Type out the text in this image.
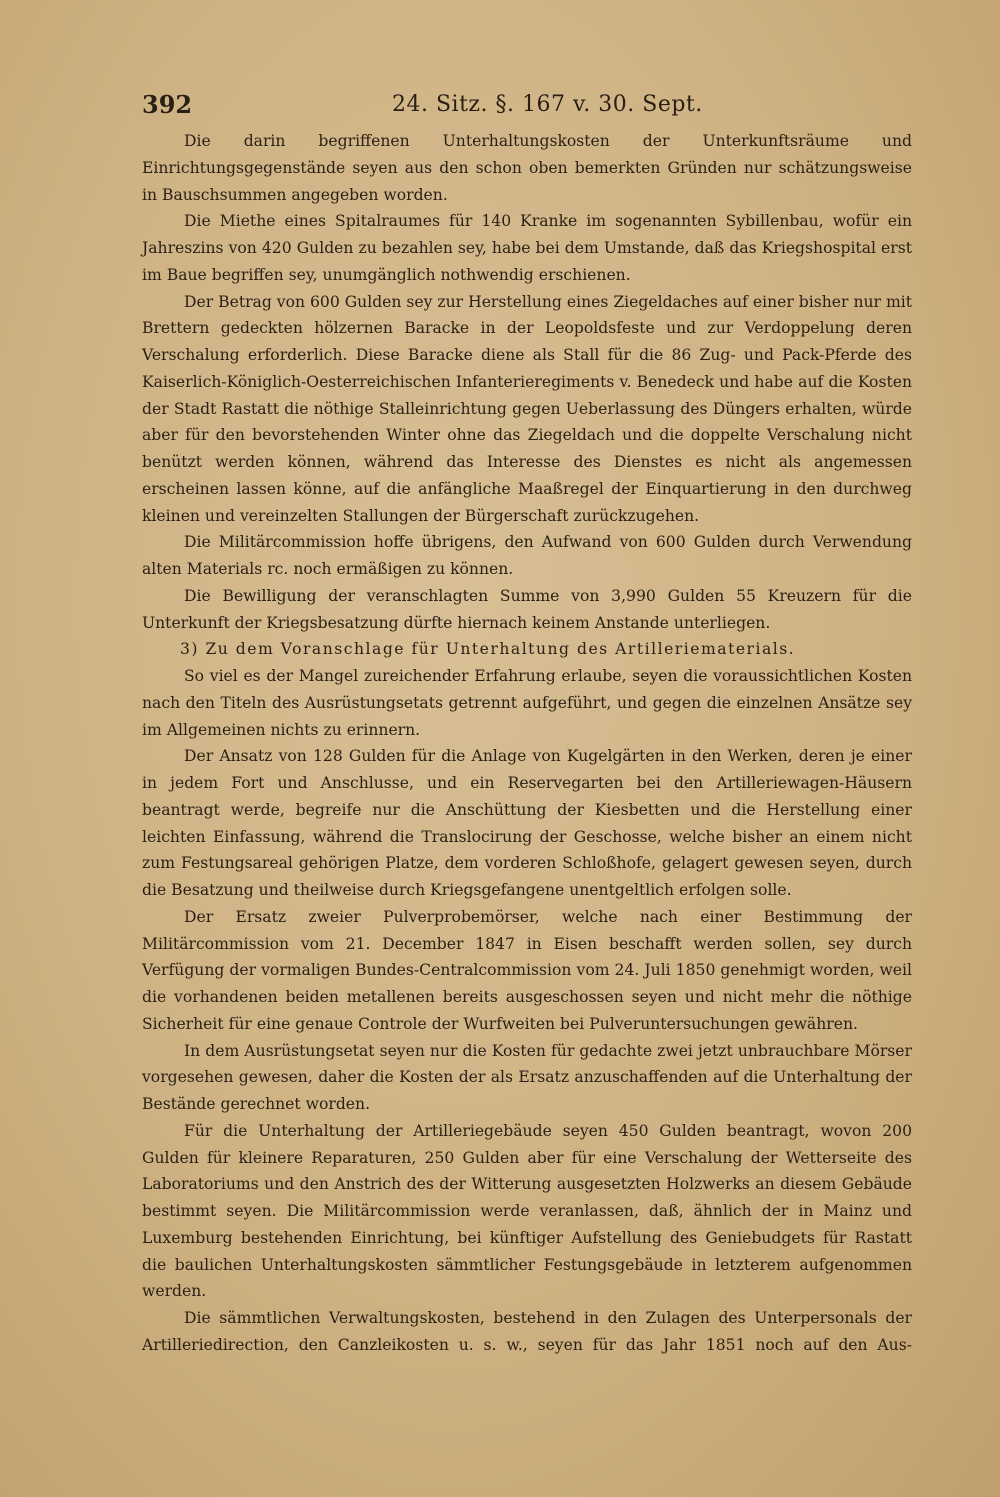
392	24. Sitz. §. 167 v. 30. Sept.

Die darin begriffenen Unterhaltungskosten der Unterkunftsräume und Einrichtungsgegenstände seyen aus den schon oben bemerkten Gründen nur schätzungsweise in Bauschsummen angegeben worden.

Die Miethe eines Spitalraumes für 140 Kranke im sogenannten Sybillenbau, wofür ein Jahreszins von 420 Gulden zu bezahlen sey, habe bei dem Umstande, daß das Kriegshospital erst im Baue begriffen sey, unumgänglich nothwendig erschienen.

Der Betrag von 600 Gulden sey zur Herstellung eines Ziegeldaches auf einer bisher nur mit Brettern gedeckten hölzernen Baracke in der Leopoldsfeste und zur Verdoppelung deren Verschalung erforderlich. Diese Baracke diene als Stall für die 86 Zug- und Pack-Pferde des Kaiserlich-Königlich-Oesterreichischen Infanterieregiments v. Benedeck und habe auf die Kosten der Stadt Rastatt die nöthige Stalleinrichtung gegen Ueberlassung des Düngers erhalten, würde aber für den bevorstehenden Winter ohne das Ziegeldach und die doppelte Verschalung nicht benützt werden können, während das Interesse des Dienstes es nicht als angemessen erscheinen lassen könne, auf die anfängliche Maaßregel der Einquartierung in den durchweg kleinen und vereinzelten Stallungen der Bürgerschaft zurückzugehen.

Die Militärcommission hoffe übrigens, den Aufwand von 600 Gulden durch Verwendung alten Materials rc. noch ermäßigen zu können.

Die Bewilligung der veranschlagten Summe von 3,990 Gulden 55 Kreuzern für die Unterkunft der Kriegsbesatzung dürfte hiernach keinem Anstande unterliegen.

3) Zu dem Voranschlage für Unterhaltung des Artilleriematerials.

So viel es der Mangel zureichender Erfahrung erlaube, seyen die voraussichtlichen Kosten nach den Titeln des Ausrüstungsetats getrennt aufgeführt, und gegen die einzelnen Ansätze sey im Allgemeinen nichts zu erinnern.

Der Ansatz von 128 Gulden für die Anlage von Kugelgärten in den Werken, deren je einer in jedem Fort und Anschlusse, und ein Reservegarten bei den Artilleriewagen-Häusern beantragt werde, begreife nur die Anschüttung der Kiesbetten und die Herstellung einer leichten Einfassung, während die Translocirung der Geschosse, welche bisher an einem nicht zum Festungsareal gehörigen Platze, dem vorderen Schloßhofe, gelagert gewesen seyen, durch die Besatzung und theilweise durch Kriegsgefangene unentgeltlich erfolgen solle.

Der Ersatz zweier Pulverprobemörser, welche nach einer Bestimmung der Militärcommission vom 21. December 1847 in Eisen beschafft werden sollen, sey durch Verfügung der vormaligen Bundes-Centralcommission vom 24. Juli 1850 genehmigt worden, weil die vorhandenen beiden metallenen bereits ausgeschossen seyen und nicht mehr die nöthige Sicherheit für eine genaue Controle der Wurfweiten bei Pulveruntersuchungen gewähren.

In dem Ausrüstungsetat seyen nur die Kosten für gedachte zwei jetzt unbrauchbare Mörser vorgesehen gewesen, daher die Kosten der als Ersatz anzuschaffenden auf die Unterhaltung der Bestände gerechnet worden.

Für die Unterhaltung der Artilleriegebäude seyen 450 Gulden beantragt, wovon 200 Gulden für kleinere Reparaturen, 250 Gulden aber für eine Verschalung der Wetterseite des Laboratoriums und den Anstrich des der Witterung ausgesetzten Holzwerks an diesem Gebäude bestimmt seyen. Die Militärcommission werde veranlassen, daß, ähnlich der in Mainz und Luxemburg bestehenden Einrichtung, bei künftiger Aufstellung des Geniebudgets für Rastatt die baulichen Unterhaltungskosten sämmtlicher Festungsgebäude in letzterem aufgenommen werden.

Die sämmtlichen Verwaltungskosten, bestehend in den Zulagen des Unterpersonals der Artilleriedirection, den Canzleikosten u. s. w., seyen für das Jahr 1851 noch auf den Aus-
